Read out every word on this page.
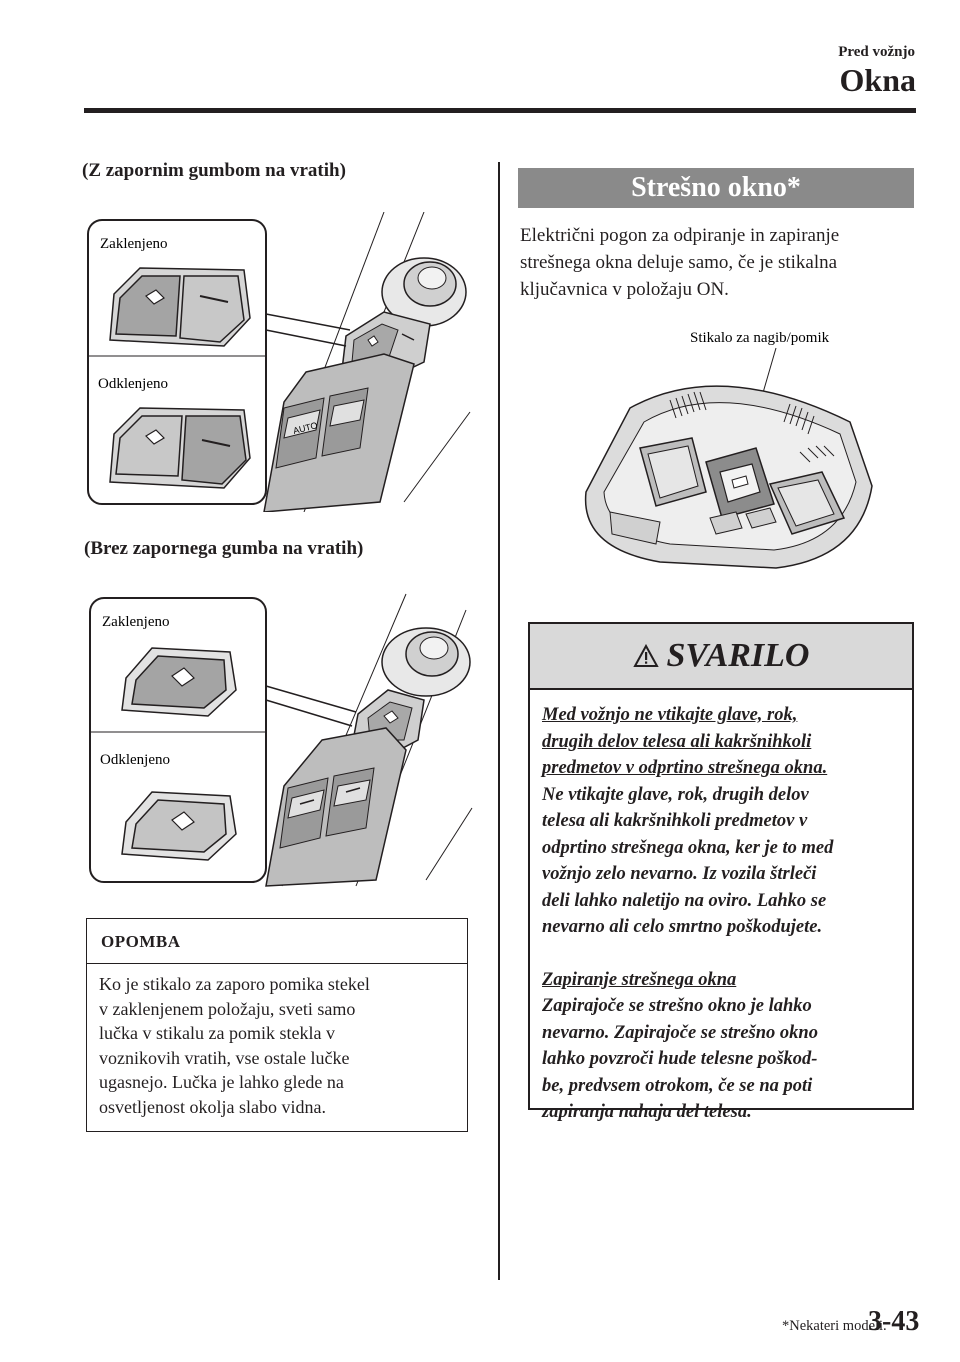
Pred vožnjo
Okna
(Z zapornim gumbom na vratih)
AUTO
Zaklenjeno
Odklenjeno
(Brez zapornega gumba na vratih)
Zaklenjeno
Odklenjeno
OPOMBA
Ko je stikalo za zaporo pomika stekel
v zaklenjenem položaju, sveti samo
lučka v stikalu za pomik stekla v
voznikovih vratih, vse ostale lučke
ugasnejo. Lučka je lahko glede na
osvetljenost okolja slabo vidna.
Strešno okno*
Električni pogon za odpiranje in zapiranje
strešnega okna deluje samo, če je stikalna
ključavnica v položaju ON.
Stikalo za nagib/pomik
SVARILO

Med vožnjo ne vtikajte glave, rok,

drugih delov telesa ali kakršnihkoli

predmetov v odprtino strešnega okna.

Ne vtikajte glave, rok, drugih delov

telesa ali kakršnihkoli predmetov v

odprtino strešnega okna, ker je to med

vožnjo zelo nevarno. Iz vozila štrleči

deli lahko naletijo na oviro. Lahko se

nevarno ali celo smrtno poškodujete.

Zapiranje strešnega okna

Zapirajoče se strešno okno je lahko

nevarno. Zapirajoče se strešno okno

lahko povzroči hude telesne poškod-

be, predvsem otrokom, če se na poti

zapiranja nahaja del telesa.

*Nekateri modeli.
3-43
